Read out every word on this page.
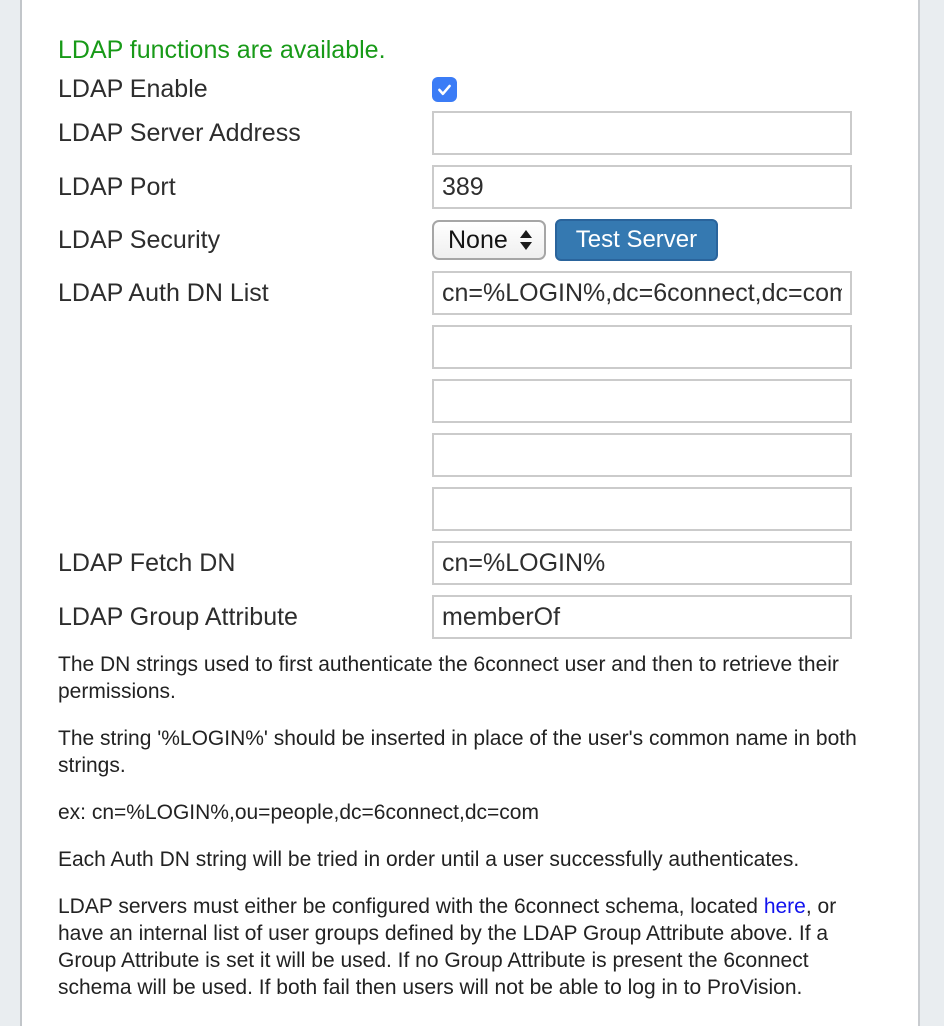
LDAP functions are available.
LDAP Enable
LDAP Server Address
LDAP Port
389
LDAP Security	None	Test Server
LDAP Auth DN List
cn=%LOGIN%,dc=6connect,dc=com
LDAP Fetch DN
cn=%LOGIN%
LDAP Group Attribute
memberOf

The DN strings used to first authenticate the 6connect user and then to retrieve their permissions.

The string '%LOGIN%' should be inserted in place of the user's common name in both strings.

ex: cn=%LOGIN%,ou=people,dc=6connect,dc=com

Each Auth DN string will be tried in order until a user successfully authenticates.

LDAP servers must either be configured with the 6connect schema, located here, or have an internal list of user groups defined by the LDAP Group Attribute above. If a Group Attribute is set it will be used. If no Group Attribute is present the 6connect schema will be used. If both fail then users will not be able to log in to ProVision.
